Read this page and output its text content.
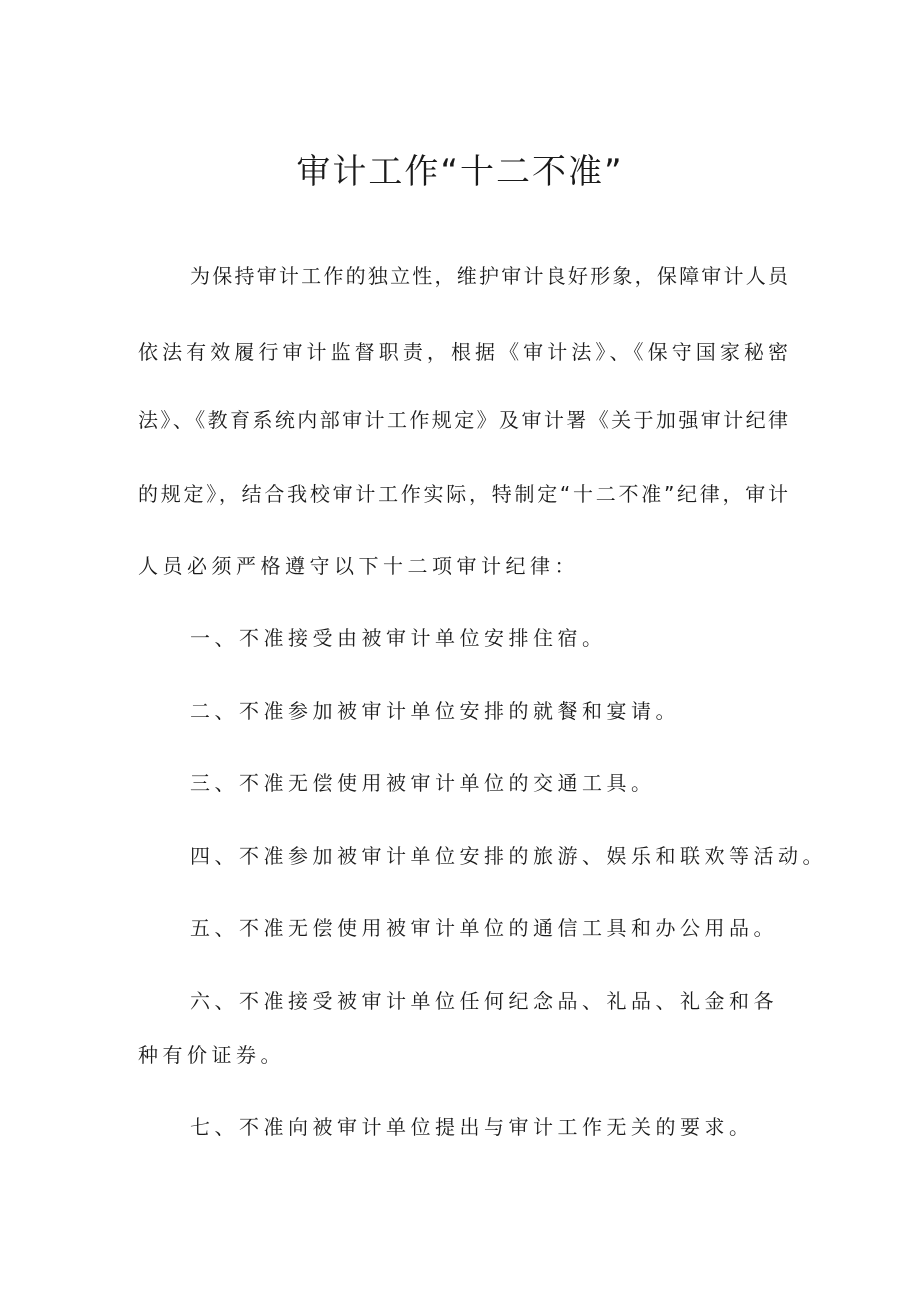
审计工作“十二不准”
为保持审计工作的独立性，维护审计良好形象，保障审计人员
依法有效履行审计监督职责，根据《审计法》、《保守国家秘密
法》、《教育系统内部审计工作规定》及审计署《关于加强审计纪律
的规定》，结合我校审计工作实际，特制定“十二不准”纪律，审计
人员必须严格遵守以下十二项审计纪律：
一、不准接受由被审计单位安排住宿。
二、不准参加被审计单位安排的就餐和宴请。
三、不准无偿使用被审计单位的交通工具。
四、不准参加被审计单位安排的旅游、娱乐和联欢等活动。
五、不准无偿使用被审计单位的通信工具和办公用品。
六、不准接受被审计单位任何纪念品、礼品、礼金和各
种有价证券。
七、不准向被审计单位提出与审计工作无关的要求。
